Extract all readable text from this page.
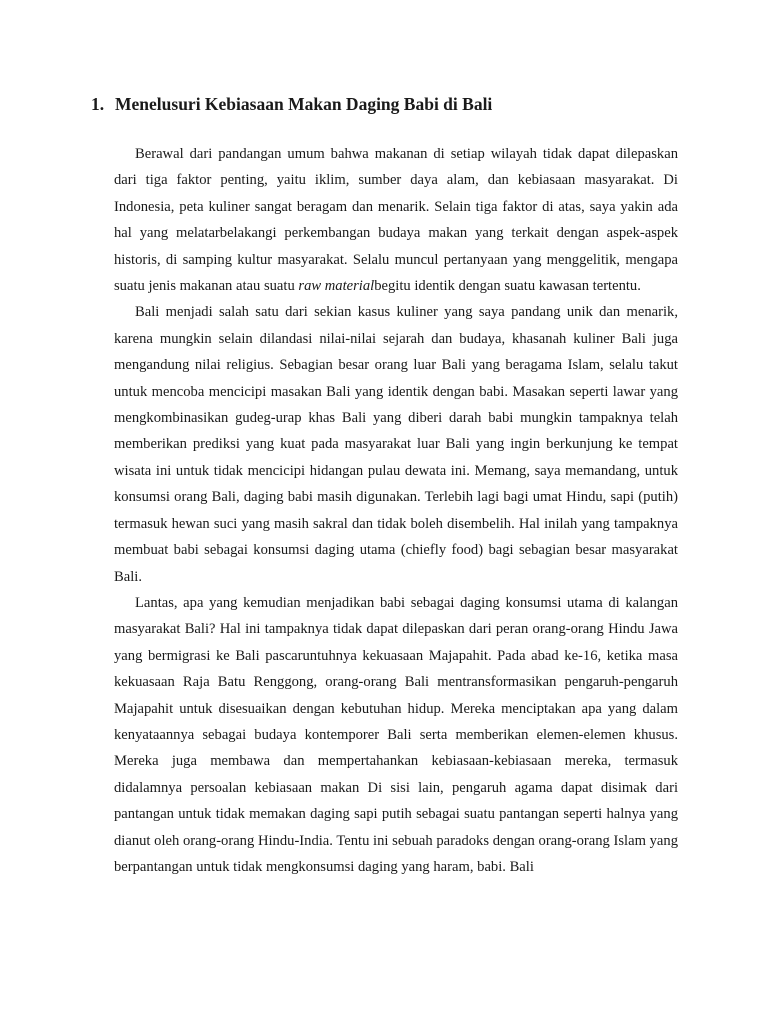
1. Menelusuri Kebiasaan Makan Daging Babi di Bali

Berawal dari pandangan umum bahwa makanan di setiap wilayah tidak dapat dilepaskan dari tiga faktor penting, yaitu iklim, sumber daya alam, dan kebiasaan masyarakat. Di Indonesia, peta kuliner sangat beragam dan menarik. Selain tiga faktor di atas, saya yakin ada hal yang melatarbelakangi perkembangan budaya makan yang terkait dengan aspek-aspek historis, di samping kultur masyarakat. Selalu muncul pertanyaan yang menggelitik, mengapa suatu jenis makanan atau suatu raw materialbegitu identik dengan suatu kawasan tertentu.

Bali menjadi salah satu dari sekian kasus kuliner yang saya pandang unik dan menarik, karena mungkin selain dilandasi nilai-nilai sejarah dan budaya, khasanah kuliner Bali juga mengandung nilai religius. Sebagian besar orang luar Bali yang beragama Islam, selalu takut untuk mencoba mencicipi masakan Bali yang identik dengan babi. Masakan seperti lawar yang mengkombinasikan gudeg-urap khas Bali yang diberi darah babi mungkin tampaknya telah memberikan prediksi yang kuat pada masyarakat luar Bali yang ingin berkunjung ke tempat wisata ini untuk tidak mencicipi hidangan pulau dewata ini. Memang, saya memandang, untuk konsumsi orang Bali, daging babi masih digunakan. Terlebih lagi bagi umat Hindu, sapi (putih) termasuk hewan suci yang masih sakral dan tidak boleh disembelih. Hal inilah yang tampaknya membuat babi sebagai konsumsi daging utama (chiefly food) bagi sebagian besar masyarakat Bali.

Lantas, apa yang kemudian menjadikan babi sebagai daging konsumsi utama di kalangan masyarakat Bali? Hal ini tampaknya tidak dapat dilepaskan dari peran orang-orang Hindu Jawa yang bermigrasi ke Bali pascaruntuhnya kekuasaan Majapahit. Pada abad ke-16, ketika masa kekuasaan Raja Batu Renggong, orang-orang Bali mentransformasikan pengaruh-pengaruh Majapahit untuk disesuaikan dengan kebutuhan hidup. Mereka menciptakan apa yang dalam kenyataannya sebagai budaya kontemporer Bali serta memberikan elemen-elemen khusus. Mereka juga membawa dan mempertahankan kebiasaan-kebiasaan mereka, termasuk didalamnya persoalan kebiasaan makan Di sisi lain, pengaruh agama dapat disimak dari pantangan untuk tidak memakan daging sapi putih sebagai suatu pantangan seperti halnya yang dianut oleh orang-orang Hindu-India. Tentu ini sebuah paradoks dengan orang-orang Islam yang berpantangan untuk tidak mengkonsumsi daging yang haram, babi. Bali
